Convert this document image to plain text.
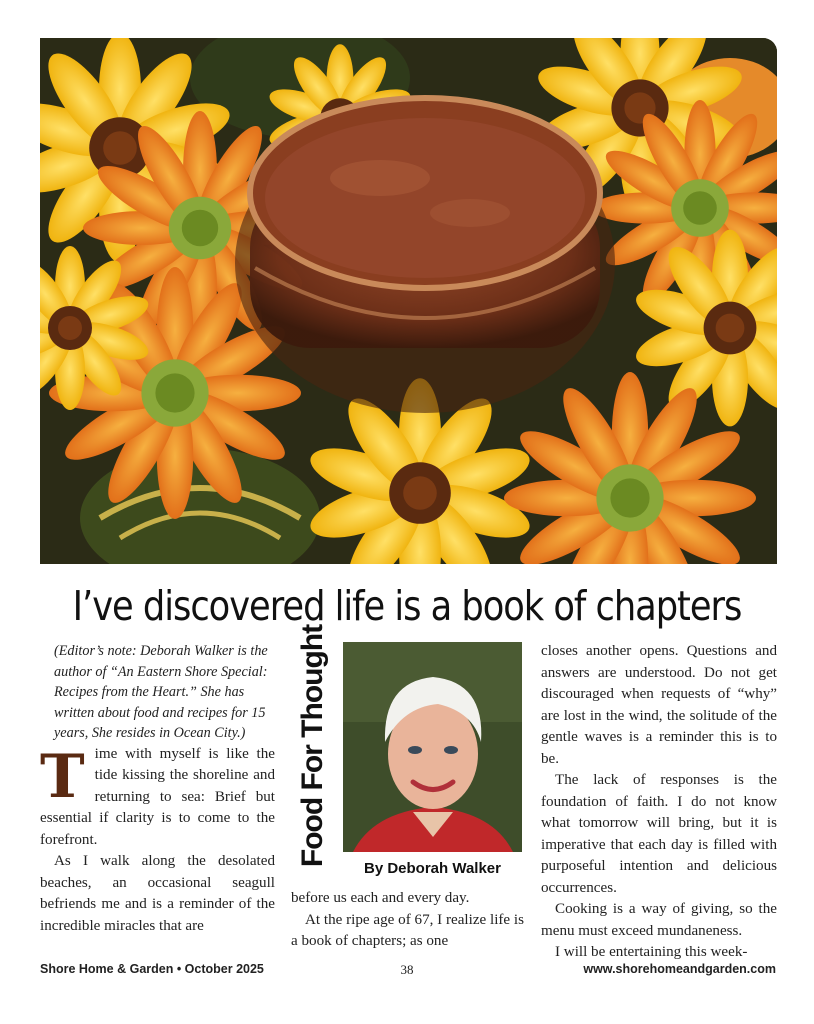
I’ve discovered life is a book of chapters

(Editor’s note: Deborah Walker is the author of “An Eastern Shore Special: Recipes from the Heart.” She has written about food and recipes for 15 years, She resides in Ocean City.)

T ime with myself is like the tide kissing the shoreline and returning to sea: Brief but essential if clarity is to come to the forefront.

As I walk along the desolated beaches, an occasional seagull befriends me and is a reminder of the incredible miracles that are

Food For Thought
By Deborah Walker

before us each and every day.

At the ripe age of 67, I realize life is a book of chapters; as one

closes another opens. Questions and answers are understood. Do not get discouraged when requests of “why” are lost in the wind, the solitude of the gentle waves is a reminder this is to be.

The lack of responses is the foundation of faith. I do not know what tomorrow will bring, but it is imperative that each day is filled with purposeful intention and delicious occurrences.

Cooking is a way of giving, so the menu must exceed mundaneness.

I will be entertaining this week-

Shore Home & Garden • October 2025	38	www.shorehomeandgarden.com
